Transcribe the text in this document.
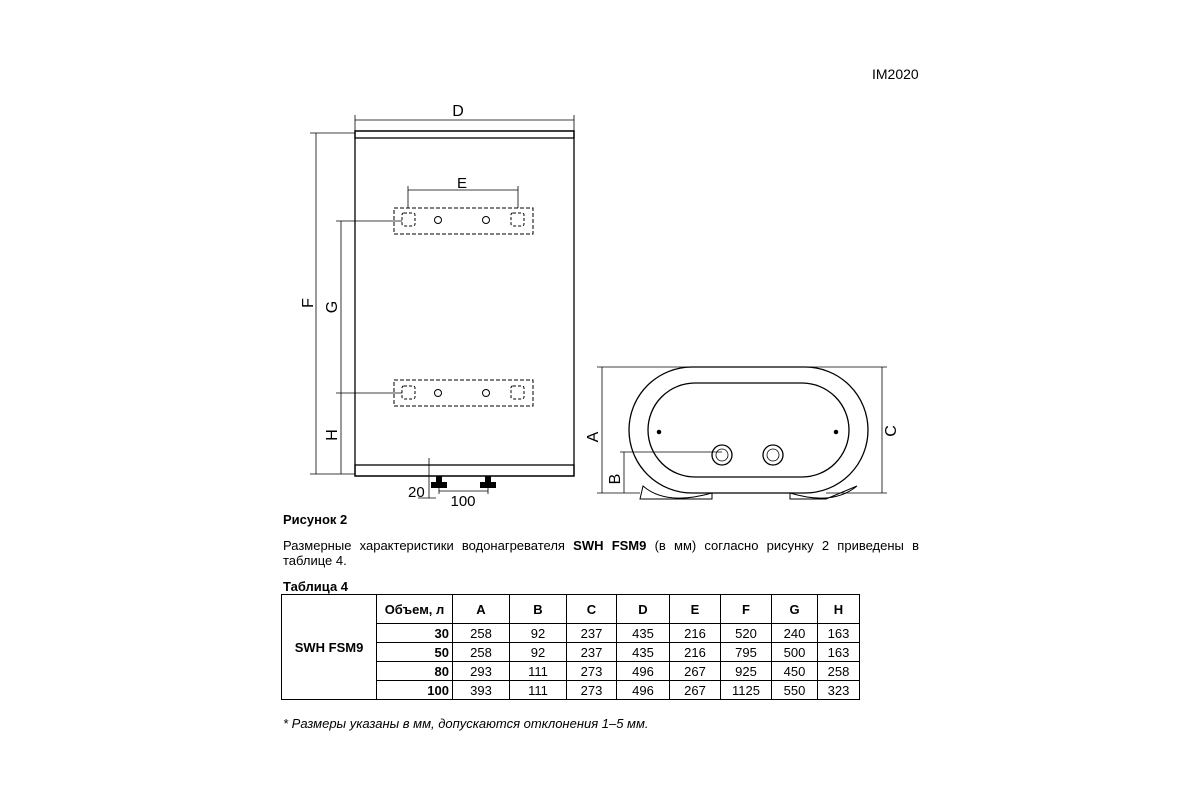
IM2020
D
E
F G
H
20
100
A
B
C
Рисунок 2
Размерные характеристики водонагревателя SWH FSM9 (в мм) согласно рисунку 2 приведены в таблице 4.
Таблица 4
SWH FSM9	Объем, л	A	B	C	D	E	F	G	H
	30	258	92	237	435	216	520	240	163
	50	258	92	237	435	216	795	500	163
	80	293	111	273	496	267	925	450	258
	100	393	111	273	496	267	1125	550	323
* Размеры указаны в мм, допускаются отклонения 1–5 мм.
